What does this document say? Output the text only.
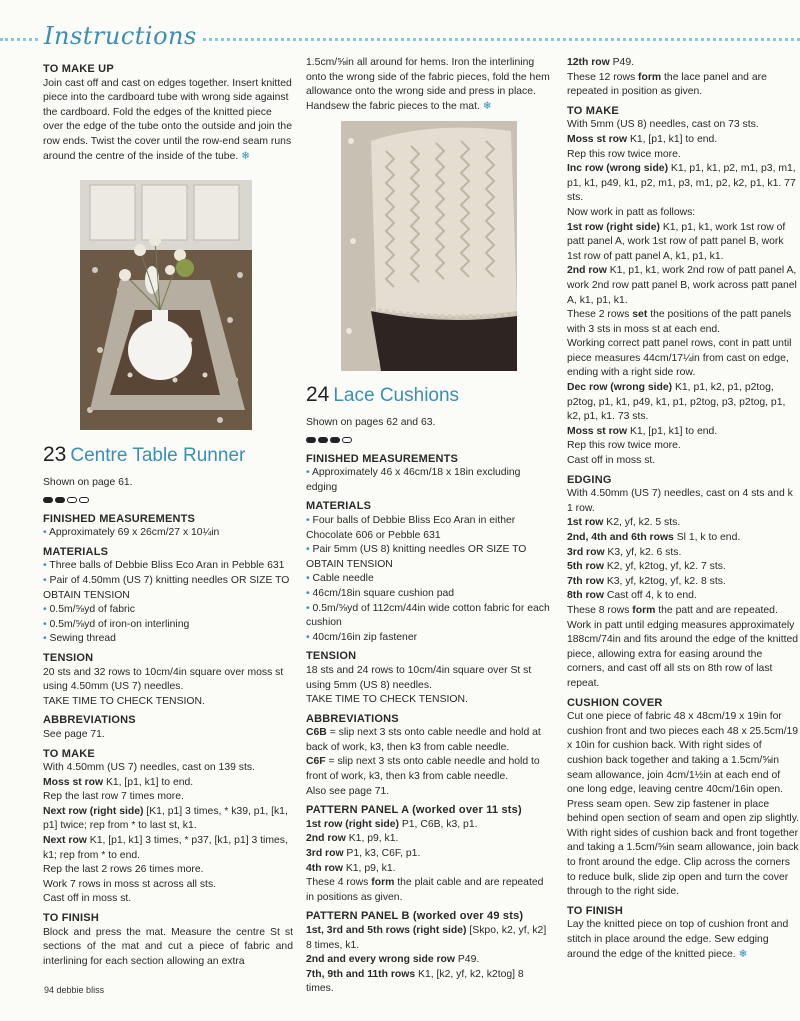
Instructions

TO MAKE UP

Join cast off and cast on edges together. Insert knitted piece into the cardboard tube with wrong side against the cardboard. Fold the edges of the knitted piece over the edge of the tube onto the outside and join the row ends. Twist the cover until the row-end seam runs around the centre of the inside of the tube. ❄

23 Centre Table Runner

Shown on page 61.

FINISHED MEASUREMENTS

• Approximately 69 x 26cm/27 x 10¼in

MATERIALS

• Three balls of Debbie Bliss Eco Aran in Pebble 631

• Pair of 4.50mm (US 7) knitting needles OR SIZE TO OBTAIN TENSION

• 0.5m/⅝yd of fabric

• 0.5m/⅝yd of iron-on interlining

• Sewing thread

TENSION

20 sts and 32 rows to 10cm/4in square over moss st using 4.50mm (US 7) needles.

TAKE TIME TO CHECK TENSION.

ABBREVIATIONS

See page 71.

TO MAKE

With 4.50mm (US 7) needles, cast on 139 sts.

Moss st row K1, [p1, k1] to end.

Rep the last row 7 times more.

Next row (right side) [K1, p1] 3 times, * k39, p1, [k1, p1] twice; rep from * to last st, k1.

Next row K1, [p1, k1] 3 times, * p37, [k1, p1] 3 times, k1; rep from * to end.

Rep the last 2 rows 26 times more.

Work 7 rows in moss st across all sts.

Cast off in moss st.

TO FINISH

Block and press the mat. Measure the centre St st sections of the mat and cut a piece of fabric and interlining for each section allowing an extra

1.5cm/⅝in all around for hems. Iron the interlining onto the wrong side of the fabric pieces, fold the hem allowance onto the wrong side and press in place. Handsew the fabric pieces to the mat. ❄

24 Lace Cushions

Shown on pages 62 and 63.

FINISHED MEASUREMENTS

• Approximately 46 x 46cm/18 x 18in excluding edging

MATERIALS

• Four balls of Debbie Bliss Eco Aran in either Chocolate 606 or Pebble 631

• Pair 5mm (US 8) knitting needles OR SIZE TO OBTAIN TENSION

• Cable needle

• 46cm/18in square cushion pad

• 0.5m/⅝yd of 112cm/44in wide cotton fabric for each cushion

• 40cm/16in zip fastener

TENSION

18 sts and 24 rows to 10cm/4in square over St st using 5mm (US 8) needles.

TAKE TIME TO CHECK TENSION.

ABBREVIATIONS

C6B = slip next 3 sts onto cable needle and hold at back of work, k3, then k3 from cable needle.

C6F = slip next 3 sts onto cable needle and hold to front of work, k3, then k3 from cable needle.

Also see page 71.

PATTERN PANEL A (worked over 11 sts)

1st row (right side) P1, C6B, k3, p1.

2nd row K1, p9, k1.

3rd row P1, k3, C6F, p1.

4th row K1, p9, k1.

These 4 rows form the plait cable and are repeated in positions as given.

PATTERN PANEL B (worked over 49 sts)

1st, 3rd and 5th rows (right side) [Skpo, k2, yf, k2] 8 times, k1.

2nd and every wrong side row P49.

7th, 9th and 11th rows K1, [k2, yf, k2, k2tog] 8 times.

12th row P49.

These 12 rows form the lace panel and are repeated in position as given.

TO MAKE

With 5mm (US 8) needles, cast on 73 sts.

Moss st row K1, [p1, k1] to end.

Rep this row twice more.

Inc row (wrong side) K1, p1, k1, p2, m1, p3, m1, p1, k1, p49, k1, p2, m1, p3, m1, p2, k2, p1, k1. 77 sts.

Now work in patt as follows:

1st row (right side) K1, p1, k1, work 1st row of patt panel A, work 1st row of patt panel B, work 1st row of patt panel A, k1, p1, k1.

2nd row K1, p1, k1, work 2nd row of patt panel A, work 2nd row patt panel B, work across patt panel A, k1, p1, k1.

These 2 rows set the positions of the patt panels with 3 sts in moss st at each end.

Working correct patt panel rows, cont in patt until piece measures 44cm/17¼in from cast on edge, ending with a right side row.

Dec row (wrong side) K1, p1, k2, p1, p2tog, p2tog, p1, k1, p49, k1, p1, p2tog, p3, p2tog, p1, k2, p1, k1. 73 sts.

Moss st row K1, [p1, k1] to end.

Rep this row twice more.

Cast off in moss st.

EDGING

With 4.50mm (US 7) needles, cast on 4 sts and k 1 row.

1st row K2, yf, k2. 5 sts.

2nd, 4th and 6th rows Sl 1, k to end.

3rd row K3, yf, k2. 6 sts.

5th row K2, yf, k2tog, yf, k2. 7 sts.

7th row K3, yf, k2tog, yf, k2. 8 sts.

8th row Cast off 4, k to end.

These 8 rows form the patt and are repeated.

Work in patt until edging measures approximately 188cm/74in and fits around the edge of the knitted piece, allowing extra for easing around the corners, and cast off all sts on 8th row of last repeat.

CUSHION COVER

Cut one piece of fabric 48 x 48cm/19 x 19in for cushion front and two pieces each 48 x 25.5cm/19 x 10in for cushion back. With right sides of cushion back together and taking a 1.5cm/⅝in seam allowance, join 4cm/1½in at each end of one long edge, leaving centre 40cm/16in open. Press seam open. Sew zip fastener in place behind open section of seam and open zip slightly. With right sides of cushion back and front together and taking a 1.5cm/⅝in seam allowance, join back to front around the edge. Clip across the corners to reduce bulk, slide zip open and turn the cover through to the right side.

TO FINISH

Lay the knitted piece on top of cushion front and stitch in place around the edge. Sew edging around the edge of the knitted piece. ❄

94 debbie bliss
